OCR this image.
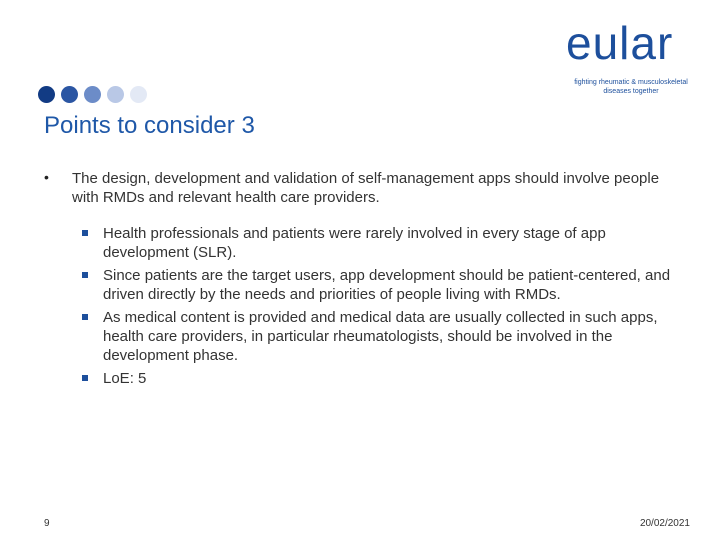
eular
fighting rheumatic & musculoskeletal diseases together
Points to consider 3
• The design, development and validation of self-management apps should involve people with RMDs and relevant health care providers.
Health professionals and patients were rarely involved in every stage of app development (SLR).
Since patients are the target users, app development should be patient-centered, and driven directly by the needs and priorities of people living with RMDs.
As medical content is provided and medical data are usually collected in such apps, health care providers, in particular rheumatologists, should be involved in the development phase.
LoE: 5
9	20/02/2021
